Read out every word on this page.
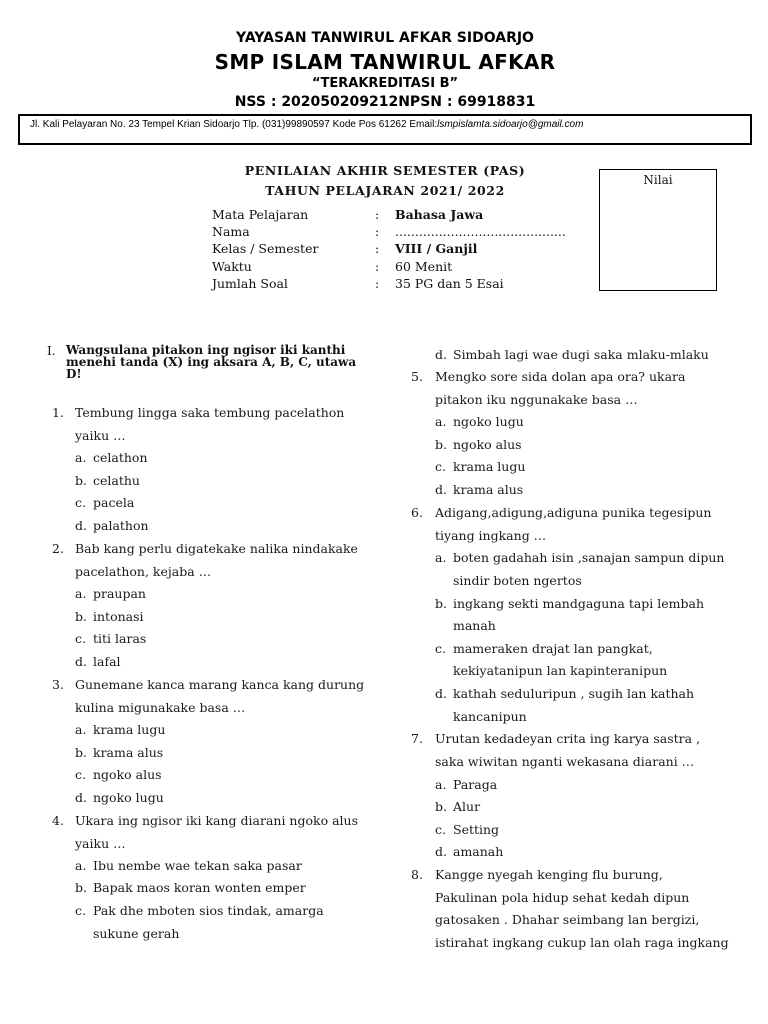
YAYASAN TANWIRUL AFKAR SIDOARJO
SMP ISLAM TANWIRUL AFKAR
“TERAKREDITASI B”
NSS : 202050209212NPSN : 69918831
Jl. Kali Pelayaran No. 23 Tempel Krian Sidoarjo Tlp. (031)99890597 Kode Pos 61262 Email:lsmpislamta.sidoarjo@gmail.com
PENILAIAN AKHIR SEMESTER (PAS)
TAHUN PELAJARAN 2021/ 2022
Nilai
Mata Pelajaran	: Bahasa Jawa
Nama	: ...........................................
Kelas / Semester	: VIII / Ganjil
Waktu	: 60 Menit
Jumlah Soal	: 35 PG dan 5 Esai
I. Wangsulana pitakon ing ngisor iki kanthi
menehi tanda (X) ing aksara A, B, C, utawa
D!
1. Tembung lingga saka tembung pacelathon
yaiku …
a. celathon
b. celathu
c. pacela
d. palathon
2. Bab kang perlu digatekake nalika nindakake
pacelathon, kejaba …
a. praupan
b. intonasi
c. titi laras
d. lafal
3. Gunemane kanca marang kanca kang durung
kulina migunakake basa …
a. krama lugu
b. krama alus
c. ngoko alus
d. ngoko lugu
4. Ukara ing ngisor iki kang diarani ngoko alus
yaiku …
a. Ibu nembe wae tekan saka pasar
b. Bapak maos koran wonten emper
c. Pak dhe mboten sios tindak, amarga
sukune gerah
d. Simbah lagi wae dugi saka mlaku-mlaku
5. Mengko sore sida dolan apa ora? ukara
pitakon iku nggunakake basa …
a. ngoko lugu
b. ngoko alus
c. krama lugu
d. krama alus
6. Adigang,adigung,adiguna punika tegesipun
tiyang ingkang …
a. boten gadahah isin ,sanajan sampun dipun
sindir boten ngertos
b. ingkang sekti mandgaguna tapi lembah
manah
c. mameraken drajat lan pangkat,
kekiyatanipun lan kapinteranipun
d. kathah seduluripun , sugih lan kathah
kancanipun
7. Urutan kedadeyan crita ing karya sastra ,
saka wiwitan nganti wekasana diarani …
a. Paraga
b. Alur
c. Setting
d. amanah
8. Kangge nyegah kenging flu burung,
Pakulinan pola hidup sehat kedah dipun
gatosaken . Dhahar seimbang lan bergizi,
istirahat ingkang cukup lan olah raga ingkang
